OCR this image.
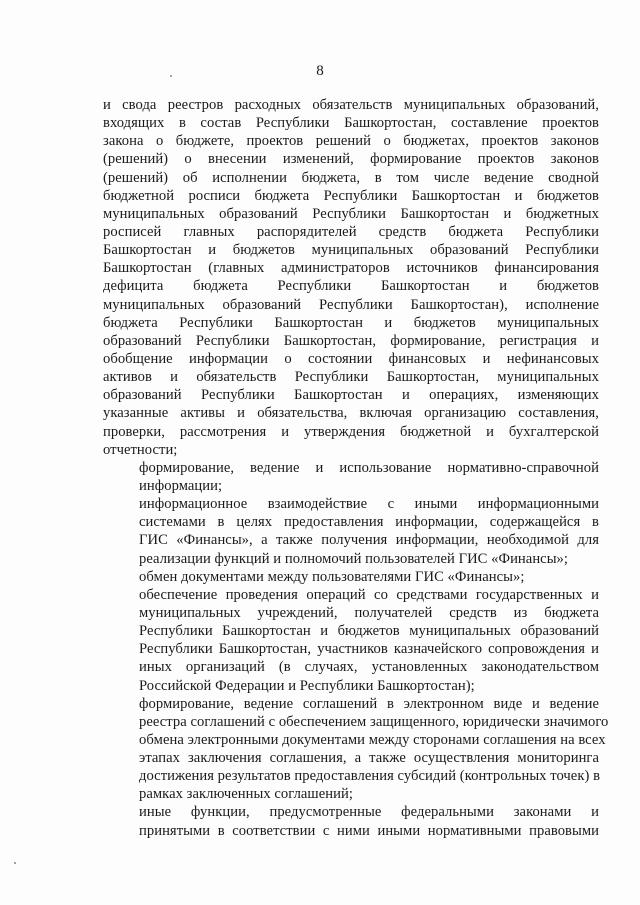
8
и свода реестров расходных обязательств муниципальных образований,
входящих в состав Республики Башкортостан, составление проектов
закона о бюджете, проектов решений о бюджетах, проектов законов
(решений) о внесении изменений, формирование проектов законов
(решений) об исполнении бюджета, в том числе ведение сводной
бюджетной росписи бюджета Республики Башкортостан и бюджетов
муниципальных образований Республики Башкортостан и бюджетных
росписей главных распорядителей средств бюджета Республики
Башкортостан и бюджетов муниципальных образований Республики
Башкортостан (главных администраторов источников финансирования
дефицита бюджета Республики Башкортостан и бюджетов
муниципальных образований Республики Башкортостан), исполнение
бюджета Республики Башкортостан и бюджетов муниципальных
образований Республики Башкортостан, формирование, регистрация и
обобщение информации о состоянии финансовых и нефинансовых
активов и обязательств Республики Башкортостан, муниципальных
образований Республики Башкортостан и операциях, изменяющих
указанные активы и обязательства, включая организацию составления,
проверки, рассмотрения и утверждения бюджетной и бухгалтерской
отчетности;
формирование, ведение и использование нормативно-справочной
информации;
информационное взаимодействие с иными информационными
системами в целях предоставления информации, содержащейся в
ГИС «Финансы», а также получения информации, необходимой для
реализации функций и полномочий пользователей ГИС «Финансы»;
обмен документами между пользователями ГИС «Финансы»;
обеспечение проведения операций со средствами государственных и
муниципальных учреждений, получателей средств из бюджета
Республики Башкортостан и бюджетов муниципальных образований
Республики Башкортостан, участников казначейского сопровождения и
иных организаций (в случаях, установленных законодательством
Российской Федерации и Республики Башкортостан);
формирование, ведение соглашений в электронном виде и ведение
реестра соглашений с обеспечением защищенного, юридически значимого
обмена электронными документами между сторонами соглашения на всех
этапах заключения соглашения, а также осуществления мониторинга
достижения результатов предоставления субсидий (контрольных точек) в
рамках заключенных соглашений;
иные функции, предусмотренные федеральными законами и
принятыми в соответствии с ними иными нормативными правовыми
